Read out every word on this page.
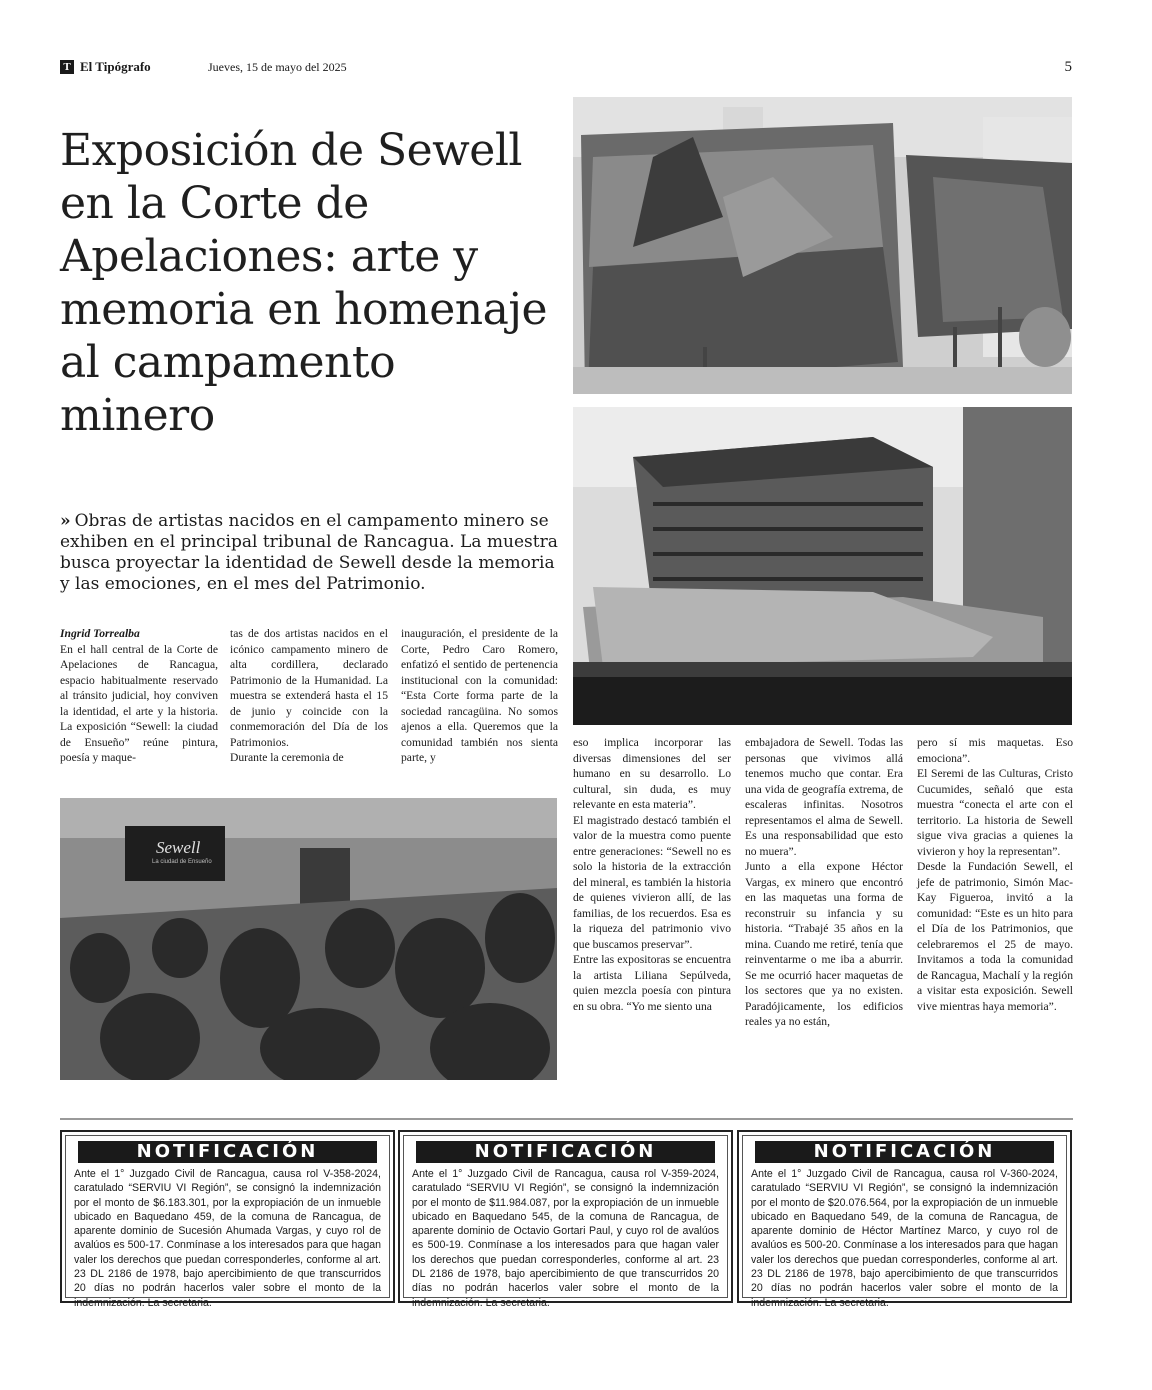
T El Tipógrafo	Jueves, 15 de mayo del 2025	5
Exposición de Sewell en la Corte de Apelaciones: arte y memoria en homenaje al campamento minero
» Obras de artistas nacidos en el campamento minero se exhiben en el principal tribunal de Rancagua. La muestra busca proyectar la identidad de Sewell desde la memoria y las emociones, en el mes del Patrimonio.
Sewell
La ciudad de Ensueño

Ingrid Torrealba

En el hall central de la Corte de Apelaciones de Rancagua, espacio habitualmente reservado al tránsito judicial, hoy conviven la identidad, el arte y la historia. La exposición “Sewell: la ciudad de Ensueño” reúne pintura, poesía y maque-

tas de dos artistas nacidos en el icónico campamento minero de alta cordillera, declarado Patrimonio de la Humanidad. La muestra se extenderá hasta el 15 de junio y coincide con la conmemoración del Día de los Patrimonios.

Durante la ceremonia de

inauguración, el presidente de la Corte, Pedro Caro Romero, enfatizó el sentido de pertenencia institucional con la comunidad: “Esta Corte forma parte de la sociedad rancagüina. No somos ajenos a ella. Queremos que la comunidad también nos sienta parte, y

eso implica incorporar las diversas dimensiones del ser humano en su desarrollo. Lo cultural, sin duda, es muy relevante en esta materia”.

El magistrado destacó también el valor de la muestra como puente entre generaciones: “Sewell no es solo la historia de la extracción del mineral, es también la historia de quienes vivieron allí, de las familias, de los recuerdos. Esa es la riqueza del patrimonio vivo que buscamos preservar”.

Entre las expositoras se encuentra la artista Liliana Sepúlveda, quien mezcla poesía con pintura en su obra. “Yo me siento una

embajadora de Sewell. Todas las personas que vivimos allá tenemos mucho que contar. Era una vida de geografía extrema, de escaleras infinitas. Nosotros representamos el alma de Sewell. Es una responsabilidad que esto no muera”.

Junto a ella expone Héctor Vargas, ex minero que encontró en las maquetas una forma de reconstruir su infancia y su historia. “Trabajé 35 años en la mina. Cuando me retiré, tenía que reinventarme o me iba a aburrir. Se me ocurrió hacer maquetas de los sectores que ya no existen. Paradójicamente, los edificios reales ya no están,

pero sí mis maquetas. Eso emociona”.

El Seremi de las Culturas, Cristo Cucumides, señaló que esta muestra “conecta el arte con el territorio. La historia de Sewell sigue viva gracias a quienes la vivieron y hoy la representan”.

Desde la Fundación Sewell, el jefe de patrimonio, Simón Mac-Kay Figueroa, invitó a la comunidad: “Este es un hito para el Día de los Patrimonios, que celebraremos el 25 de mayo. Invitamos a toda la comunidad de Rancagua, Machalí y la región a visitar esta exposición. Sewell vive mientras haya memoria”.

NOTIFICACIÓN

Ante el 1° Juzgado Civil de Rancagua, causa rol V-358-2024, caratulado “SERVIU VI Región”, se consignó la indemnización por el monto de $6.183.301, por la expropiación de un inmueble ubicado en Baquedano 459, de la comuna de Rancagua, de aparente dominio de Sucesión Ahumada Vargas, y cuyo rol de avalúos es 500-17. Conmínase a los interesados para que hagan valer los derechos que puedan corresponderles, conforme al art. 23 DL 2186 de 1978, bajo apercibimiento de que transcurridos 20 días no podrán hacerlos valer sobre el monto de la indemnización. La secretaria.

NOTIFICACIÓN

Ante el 1° Juzgado Civil de Rancagua, causa rol V-359-2024, caratulado “SERVIU VI Región”, se consignó la indemnización por el monto de $11.984.087, por la expropiación de un inmueble ubicado en Baquedano 545, de la comuna de Rancagua, de aparente dominio de Octavio Gortari Paul, y cuyo rol de avalúos es 500-19. Conmínase a los interesados para que hagan valer los derechos que puedan corresponderles, conforme al art. 23 DL 2186 de 1978, bajo apercibimiento de que transcurridos 20 días no podrán hacerlos valer sobre el monto de la indemnización. La secretaria.

NOTIFICACIÓN

Ante el 1° Juzgado Civil de Rancagua, causa rol V-360-2024, caratulado “SERVIU VI Región”, se consignó la indemnización por el monto de $20.076.564, por la expropiación de un inmueble ubicado en Baquedano 549, de la comuna de Rancagua, de aparente dominio de Héctor Martínez Marco, y cuyo rol de avalúos es 500-20. Conmínase a los interesados para que hagan valer los derechos que puedan corresponderles, conforme al art. 23 DL 2186 de 1978, bajo apercibimiento de que transcurridos 20 días no podrán hacerlos valer sobre el monto de la indemnización. La secretaria.
